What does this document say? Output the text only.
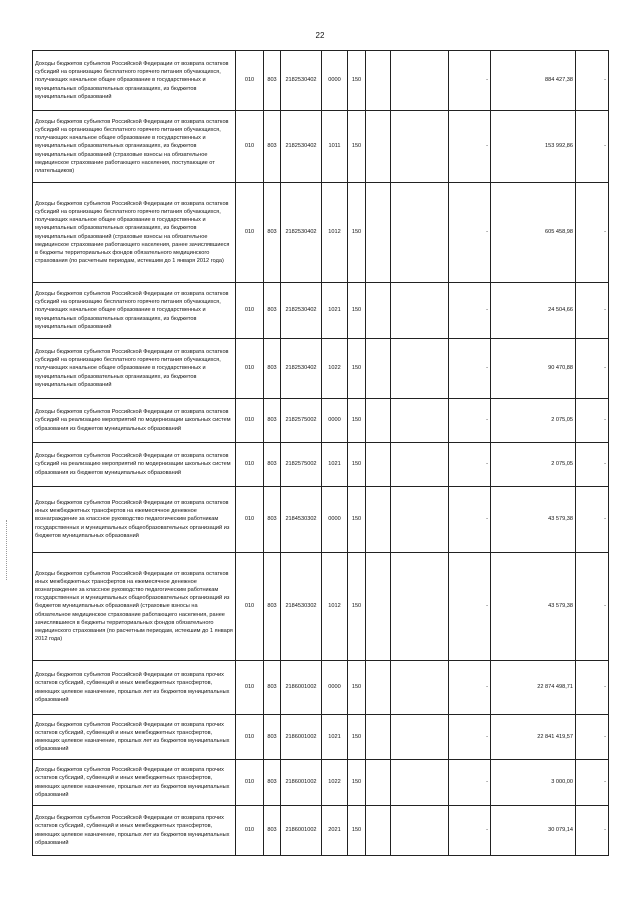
22
Доходы бюджетов субъектов Российской Федерации от возврата остатков субсидий на организацию бесплатного горячего питания обучающихся, получающих начальное общее образование в государственных и муниципальных образовательных организациях, из бюджетов муниципальных образований	010	803	2182530402	0000	150			-	884 427,38	-
Доходы бюджетов субъектов Российской Федерации от возврата остатков субсидий на организацию бесплатного горячего питания обучающихся, получающих начальное общее образование в государственных и муниципальных образовательных организациях, из бюджетов муниципальных образований (страховые взносы на обязательное медицинское страхование работающего населения, поступающие от плательщиков)	010	803	2182530402	1011	150			-	153 992,86	-
Доходы бюджетов субъектов Российской Федерации от возврата остатков субсидий на организацию бесплатного горячего питания обучающихся, получающих начальное общее образование в государственных и муниципальных образовательных организациях, из бюджетов муниципальных образований (страховые взносы на обязательное медицинское страхование работающего населения, ранее зачислявшиеся в бюджеты территориальных фондов обязательного медицинского страхования (по расчетным периодам, истекшим до 1 января 2012 года)	010	803	2182530402	1012	150			-	605 458,98	-
Доходы бюджетов субъектов Российской Федерации от возврата остатков субсидий на организацию бесплатного горячего питания обучающихся, получающих начальное общее образование в государственных и муниципальных образовательных организациях, из бюджетов муниципальных образований	010	803	2182530402	1021	150			-	24 504,66	-
Доходы бюджетов субъектов Российской Федерации от возврата остатков субсидий на организацию бесплатного горячего питания обучающихся, получающих начальное общее образование в государственных и муниципальных образовательных организациях, из бюджетов муниципальных образований	010	803	2182530402	1022	150			-	90 470,88	-
Доходы бюджетов субъектов Российской Федерации от возврата остатков субсидий на реализацию мероприятий по модернизации школьных систем образования из бюджетов муниципальных образований	010	803	2182575002	0000	150			-	2 075,05	-
Доходы бюджетов субъектов Российской Федерации от возврата остатков субсидий на реализацию мероприятий по модернизации школьных систем образования из бюджетов муниципальных образований	010	803	2182575002	1021	150			-	2 075,05	-
Доходы бюджетов субъектов Российской Федерации от возврата остатков иных межбюджетных трансфертов на ежемесячное денежное вознаграждение за классное руководство педагогическим работникам государственных и муниципальных общеобразовательных организаций из бюджетов муниципальных образований	010	803	2184530302	0000	150			-	43 579,38	-
Доходы бюджетов субъектов Российской Федерации от возврата остатков иных межбюджетных трансфертов на ежемесячное денежное вознаграждение за классное руководство педагогическим работникам государственных и муниципальных общеобразовательных организаций из бюджетов муниципальных образований (страховые взносы на обязательное медицинское страхование работающего населения, ранее зачислявшиеся в бюджеты территориальных фондов обязательного медицинского страхования (по расчетным периодам, истекшим до 1 января 2012 года)	010	803	2184530302	1012	150			-	43 579,38	-
Доходы бюджетов субъектов Российской Федерации от возврата прочих остатков субсидий, субвенций и иных межбюджетных трансфертов, имеющих целевое назначение, прошлых лет из бюджетов муниципальных образований	010	803	2186001002	0000	150			-	22 874 498,71	-
Доходы бюджетов субъектов Российской Федерации от возврата прочих остатков субсидий, субвенций и иных межбюджетных трансфертов, имеющих целевое назначение, прошлых лет из бюджетов муниципальных образований	010	803	2186001002	1021	150			-	22 841 419,57	-
Доходы бюджетов субъектов Российской Федерации от возврата прочих остатков субсидий, субвенций и иных межбюджетных трансфертов, имеющих целевое назначение, прошлых лет из бюджетов муниципальных образований	010	803	2186001002	1022	150			-	3 000,00	-
Доходы бюджетов субъектов Российской Федерации от возврата прочих остатков субсидий, субвенций и иных межбюджетных трансфертов, имеющих целевое назначение, прошлых лет из бюджетов муниципальных образований	010	803	2186001002	2021	150			-	30 079,14	-
